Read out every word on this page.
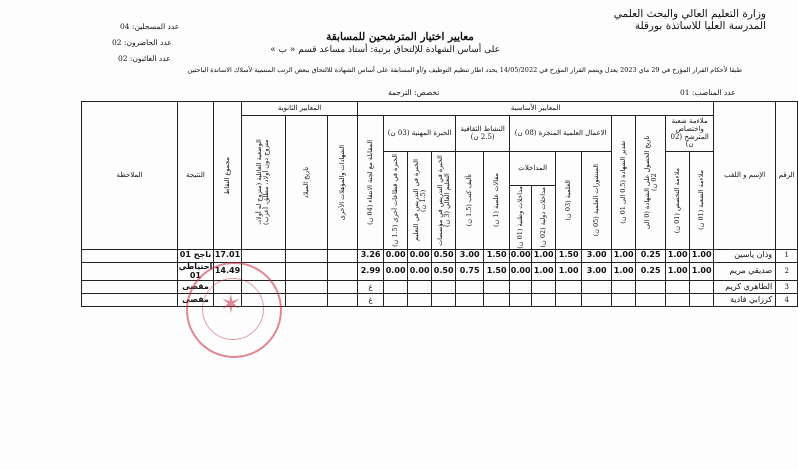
وزارة التعليم العالي والبحث العلمي
المدرسة العليا للاساتذة بورقلة
عدد المسجلين: 04
عدد الحاضرون: 02
عدد الغائبون: 02
معايير اختيار المترشحين للمسابقة
على أساس الشهادة للإلتحاق برتبة: أستاذ مساعد قسم « ب »
طبقا لأحكام القرار المؤرخ في 29 ماي 2023 يعدل ويتمم القرار المؤرخ في 14/05/2022 يحدد اطار تنظيم التوظيف و/أو المسابقة على أساس الشهادة للالتحاق ببعض الرتب المنتمية لأسلاك الاساتذة الباحثين
عدد المناصب: 01
تخصص: الترجمة
الرقم	الإسم و اللقب	المعايير الأساسية														المعايير الثانوية			مجموع النقاط	النتيجة	الملاحظة
		ملاءمة شعبة واختصاص المترشح (02 ن)		تاريخ الحصول على الشهادة (0 الى 02 ن)	تقدير الشهادة (0.5 الى 01 ن)	الاعمال العلمية المنجزة (08 ن)				النشاط الثقافية (2.5 ن)		الخبرة المهنية (03 ن)			المقابلة مع لجنة الانتقاء (04 ن)	الشهادات والمؤهلات الأخرى	تاريخ الميلاد	الوضعية العائلية (متزوج له أولاد، متزوج دون أولاد، مطلق، أعزب)			

		ملاءمة الشعبة (01 ن)	ملاءمة التخصص (01 ن)			المنشورات العلمية (05 ن)	العلمية (03 ن)	المداخلات		مقالات علمية (1 ن)	تأليف كتب (1.5 ن)	الخبرة في التدريس في مؤسسات التعليم العالي (3 ن)	الخبرة في التدريس في التعليم (1.5 ن)	الخبرة في قطاعات أخرى (1.5 ن)							

								مداخلات دولية (02 ن)	مداخلات وطنية (01 ن)												

1	وذان ياسين	1.00	1.00	0.25	1.00	3.00	1.50	1.00	0.00	1.50	3.00	0.50	0.00	0.00	3.26				17.01	ناجح 01	
2	صديقي مريم	1.00	1.00	0.25	1.00	3.00	1.00	1.00	0.00	1.50	0.75	0.50	0.00	0.00	2.99				14.49	احتياطي 01	
3	الطاهري كريم														غ					مقصى	
4	كرزابي فادية														غ					مقصى	✶
